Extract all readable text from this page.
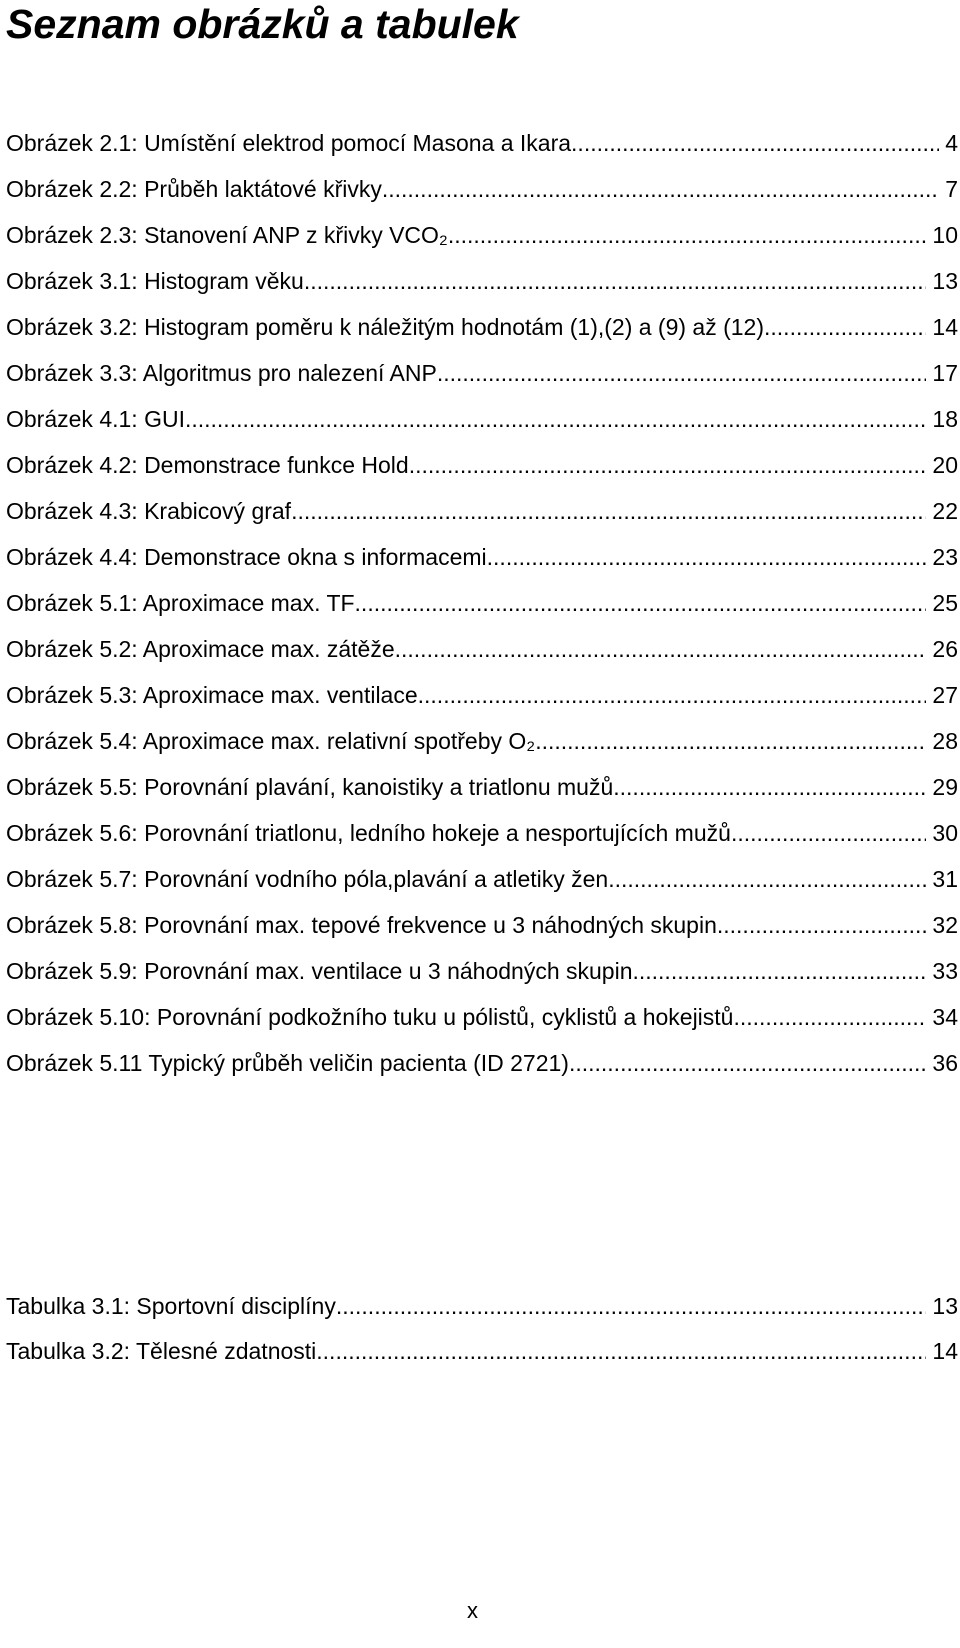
Seznam obrázků a tabulek
Obrázek 2.1: Umístění elektrod pomocí Masona a Ikara .....	4
Obrázek 2.2: Průběh laktátové křivky .....	7
Obrázek 2.3: Stanovení ANP z křivky VCO₂ .....	10
Obrázek 3.1: Histogram věku .....	13
Obrázek 3.2: Histogram poměru k náležitým hodnotám (1),(2) a (9) až (12) .....	14
Obrázek 3.3: Algoritmus pro nalezení ANP .....	17
Obrázek 4.1: GUI .....	18
Obrázek 4.2: Demonstrace funkce Hold .....	20
Obrázek 4.3: Krabicový graf .....	22
Obrázek 4.4: Demonstrace okna s informacemi .....	23
Obrázek 5.1: Aproximace max. TF .....	25
Obrázek 5.2: Aproximace max. zátěže .....	26
Obrázek 5.3: Aproximace max. ventilace .....	27
Obrázek 5.4: Aproximace max. relativní spotřeby O₂ .....	28
Obrázek 5.5: Porovnání plavání, kanoistiky a triatlonu mužů .....	29
Obrázek 5.6: Porovnání triatlonu, ledního hokeje a nesportujících mužů .....	30
Obrázek 5.7: Porovnání vodního póla,plavání a atletiky žen .....	31
Obrázek 5.8: Porovnání max. tepové frekvence u 3 náhodných skupin .....	32
Obrázek 5.9: Porovnání max. ventilace u 3 náhodných skupin .....	33
Obrázek 5.10: Porovnání podkožního tuku u pólistů, cyklistů a hokejistů .....	34
Obrázek 5.11 Typický průběh veličin pacienta (ID 2721) .....	36
Tabulka 3.1: Sportovní disciplíny .....	13
Tabulka 3.2: Tělesné zdatnosti .....	14
x
